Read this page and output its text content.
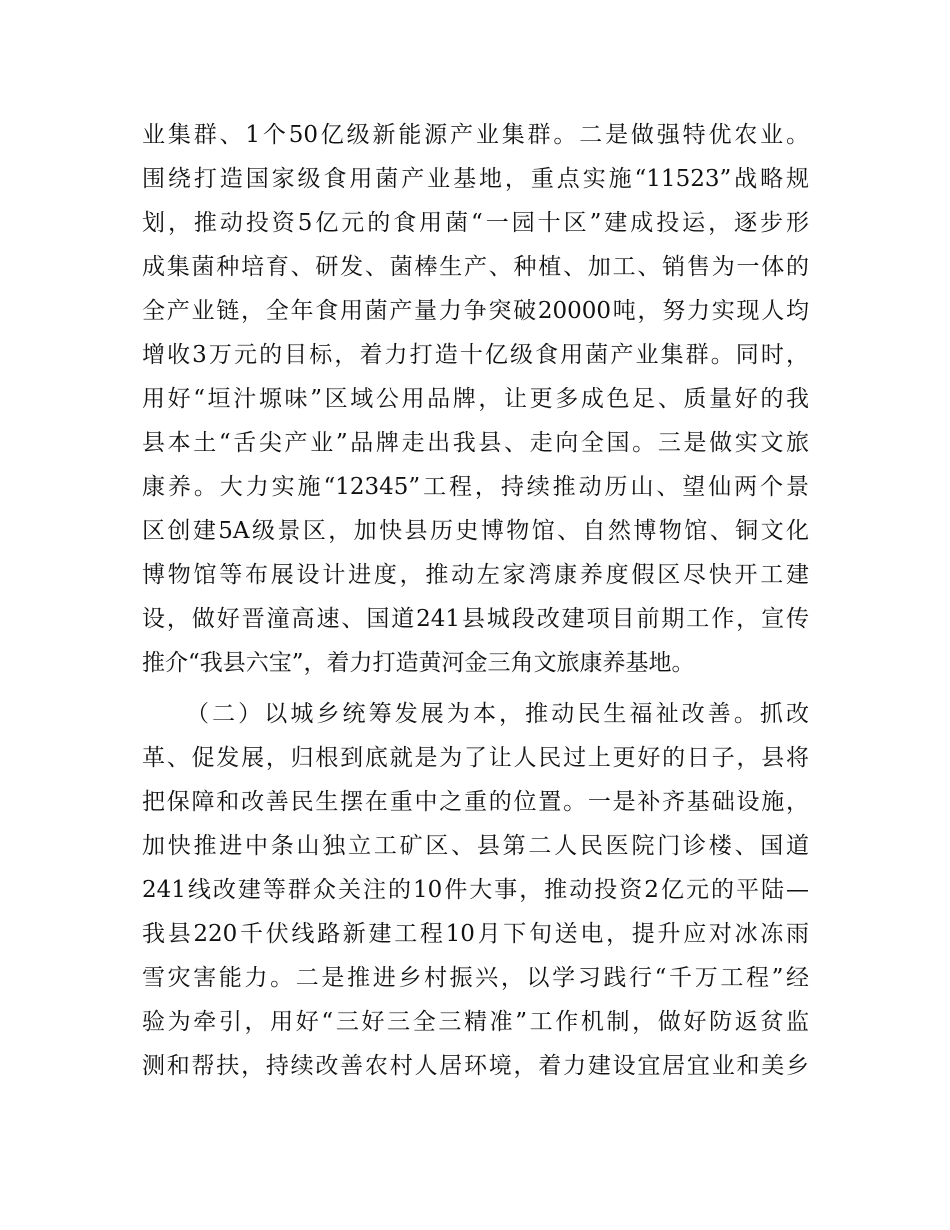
业集群、1个50亿级新能源产业集群。二是做强特优农业。
围绕打造国家级食用菌产业基地，重点实施“11523”战略规
划，推动投资5亿元的食用菌“一园十区”建成投运，逐步形
成集菌种培育、研发、菌棒生产、种植、加工、销售为一体的
全产业链，全年食用菌产量力争突破20000吨，努力实现人均
增收3万元的目标，着力打造十亿级食用菌产业集群。同时，
用好“垣汁塬味”区域公用品牌，让更多成色足、质量好的我
县本土“舌尖产业”品牌走出我县、走向全国。三是做实文旅
康养。大力实施“12345”工程，持续推动历山、望仙两个景
区创建5A级景区，加快县历史博物馆、自然博物馆、铜文化
博物馆等布展设计进度，推动左家湾康养度假区尽快开工建
设，做好晋潼高速、国道241县城段改建项目前期工作，宣传
推介“我县六宝”，着力打造黄河金三角文旅康养基地。
（二）以城乡统筹发展为本，推动民生福祉改善。抓改
革、促发展，归根到底就是为了让人民过上更好的日子，县将
把保障和改善民生摆在重中之重的位置。一是补齐基础设施，
加快推进中条山独立工矿区、县第二人民医院门诊楼、国道
241线改建等群众关注的10件大事，推动投资2亿元的平陆—
我县220千伏线路新建工程10月下旬送电，提升应对冰冻雨
雪灾害能力。二是推进乡村振兴，以学习践行“千万工程”经
验为牵引，用好“三好三全三精准”工作机制，做好防返贫监
测和帮扶，持续改善农村人居环境，着力建设宜居宜业和美乡
